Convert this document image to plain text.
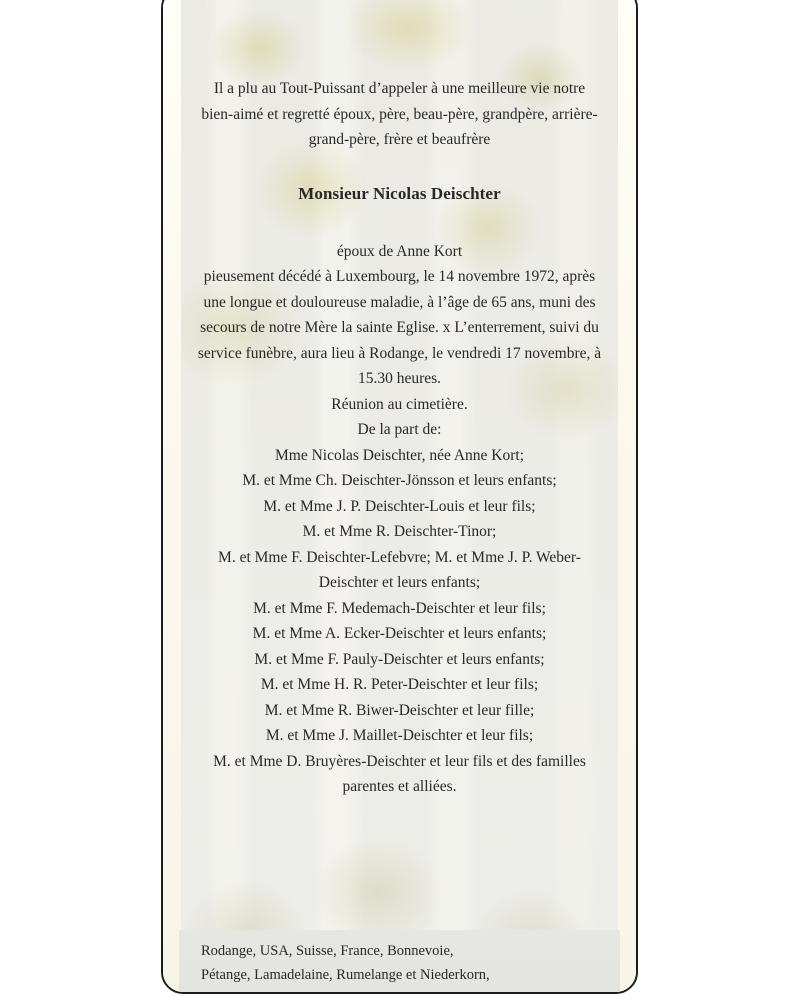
Il a plu au Tout-Puissant d’appeler à une meilleure vie notre bien-aimé et regretté époux, père, beau-père, grandpère, arrière-grand-père, frère et beaufrère

Monsieur Nicolas Deischter

époux de Anne Kort
pieusement décédé à Luxembourg, le 14 novembre 1972, après une longue et douloureuse maladie, à l’âge de 65 ans, muni des secours de notre Mère la sainte Eglise. x L’enterrement, suivi du service funèbre, aura lieu à Rodange, le vendredi 17 novembre, à 15.30 heures.
Réunion au cimetière.
De la part de:

Mme Nicolas Deischter, née Anne Kort;
M. et Mme Ch. Deischter-Jönsson et leurs enfants;
M. et Mme J. P. Deischter-Louis et leur fils;
M. et Mme R. Deischter-Tinor;
M. et Mme F. Deischter-Lefebvre; M. et Mme J. P. Weber-Deischter et leurs enfants;
M. et Mme F. Medemach-Deischter et leur fils;
M. et Mme A. Ecker-Deischter et leurs enfants;
M. et Mme F. Pauly-Deischter et leurs enfants;
M. et Mme H. R. Peter-Deischter et leur fils;
M. et Mme R. Biwer-Deischter et leur fille;
M. et Mme J. Maillet-Deischter et leur fils;
M. et Mme D. Bruyères-Deischter et leur fils et des familles parentes et alliées.

Rodange, USA, Suisse, France, Bonnevoie,

Pétange, Lamadelaine, Rumelange et Niederkorn,
